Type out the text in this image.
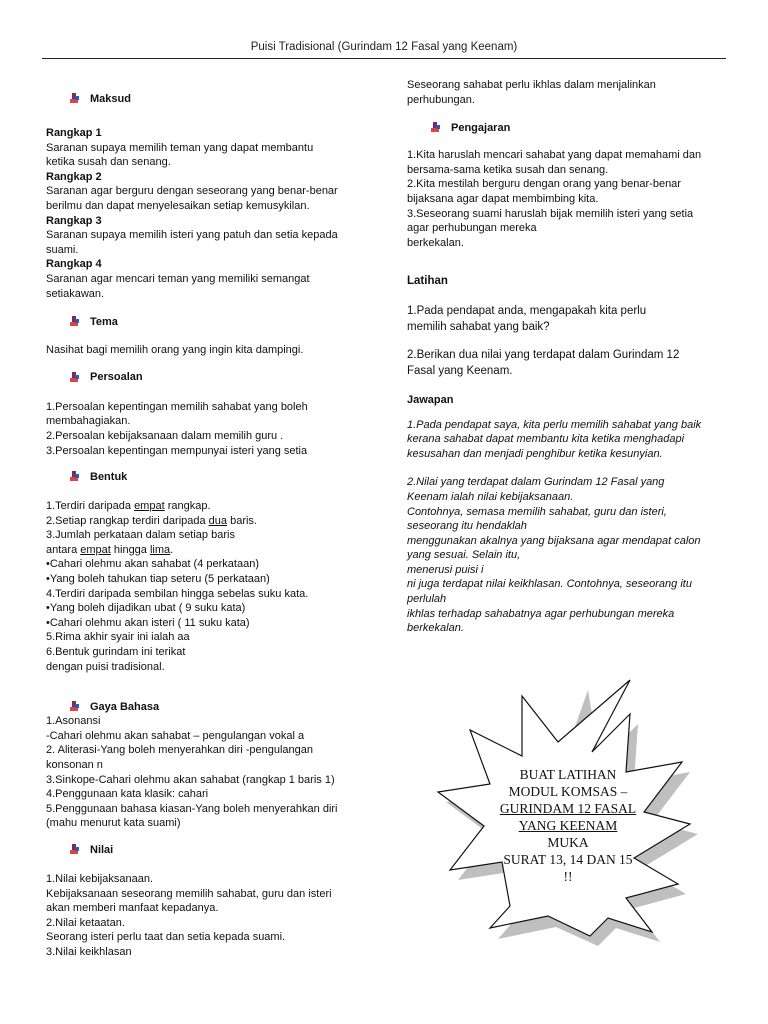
Puisi Tradisional (Gurindam 12 Fasal yang Keenam)
Maksud

Rangkap 1

Saranan supaya memilih teman yang dapat membantu

ketika susah dan senang.

Rangkap 2

Saranan agar berguru dengan seseorang yang benar-benar

berilmu dan dapat menyelesaikan setiap kemusykilan.

Rangkap 3

Saranan supaya memilih isteri yang patuh dan setia kepada

suami.

Rangkap 4

Saranan agar mencari teman yang memiliki semangat

setiakawan.

Tema

Nasihat bagi memilih orang yang ingin kita dampingi.

Persoalan

1.Persoalan kepentingan memilih sahabat yang boleh

membahagiakan.

2.Persoalan kebijaksanaan dalam memilih guru .

3.Persoalan kepentingan mempunyai isteri yang setia

Bentuk

1.Terdiri daripada empat rangkap.

2.Setiap rangkap terdiri daripada dua baris.

3.Jumlah perkataan dalam setiap baris

antara empat hingga lima.

•Cahari olehmu akan sahabat (4 perkataan)

•Yang boleh tahukan tiap seteru (5 perkataan)

4.Terdiri daripada sembilan hingga sebelas suku kata.

•Yang boleh dijadikan ubat ( 9 suku kata)

•Cahari olehmu akan isteri ( 11 suku kata)

5.Rima akhir syair ini ialah aa

6.Bentuk gurindam ini terikat

dengan puisi tradisional.

Gaya Bahasa

1.Asonansi

-Cahari olehmu akan sahabat – pengulangan vokal a

2. Aliterasi-Yang boleh menyerahkan diri -pengulangan

konsonan n

3.Sinkope-Cahari olehmu akan sahabat (rangkap 1 baris 1)

4.Penggunaan kata klasik: cahari

5.Penggunaan bahasa kiasan-Yang boleh menyerahkan diri

(mahu menurut kata suami)

Nilai

1.Nilai kebijaksanaan.

Kebijaksanaan seseorang memilih sahabat, guru dan isteri

akan memberi manfaat kepadanya.

2.Nilai ketaatan.

Seorang isteri perlu taat dan setia kepada suami.

3.Nilai keikhlasan

Seseorang sahabat perlu ikhlas dalam menjalinkan

perhubungan.

Pengajaran

1.Kita haruslah mencari sahabat yang dapat memahami dan

bersama-sama ketika susah dan senang.

2.Kita mestilah berguru dengan orang yang benar-benar

bijaksana agar dapat membimbing kita.

3.Seseorang suami haruslah bijak memilih isteri yang setia

agar perhubungan mereka

berkekalan.

Latihan

1.Pada pendapat anda, mengapakah kita perlu

memilih sahabat yang baik?

2.Berikan dua nilai yang terdapat dalam Gurindam 12

Fasal yang Keenam.

Jawapan

1.Pada pendapat saya, kita perlu memilih sahabat yang baik

kerana sahabat dapat membantu kita ketika menghadapi

kesusahan dan menjadi penghibur ketika kesunyian.

2.Nilai yang terdapat dalam Gurindam 12 Fasal yang

Keenam ialah nilai kebijaksanaan.

Contohnya, semasa memilih sahabat, guru dan isteri,

seseorang itu hendaklah

menggunakan akalnya yang bijaksana agar mendapat calon

yang sesuai. Selain itu,

menerusi puisi i

ni juga terdapat nilai keikhlasan. Contohnya, seseorang itu

perlulah

ikhlas terhadap sahabatnya agar perhubungan mereka

berkekalan.

BUAT LATIHAN
MODUL KOMSAS –
GURINDAM 12 FASAL
YANG KEENAM MUKA
SURAT 13, 14 DAN 15 !!
